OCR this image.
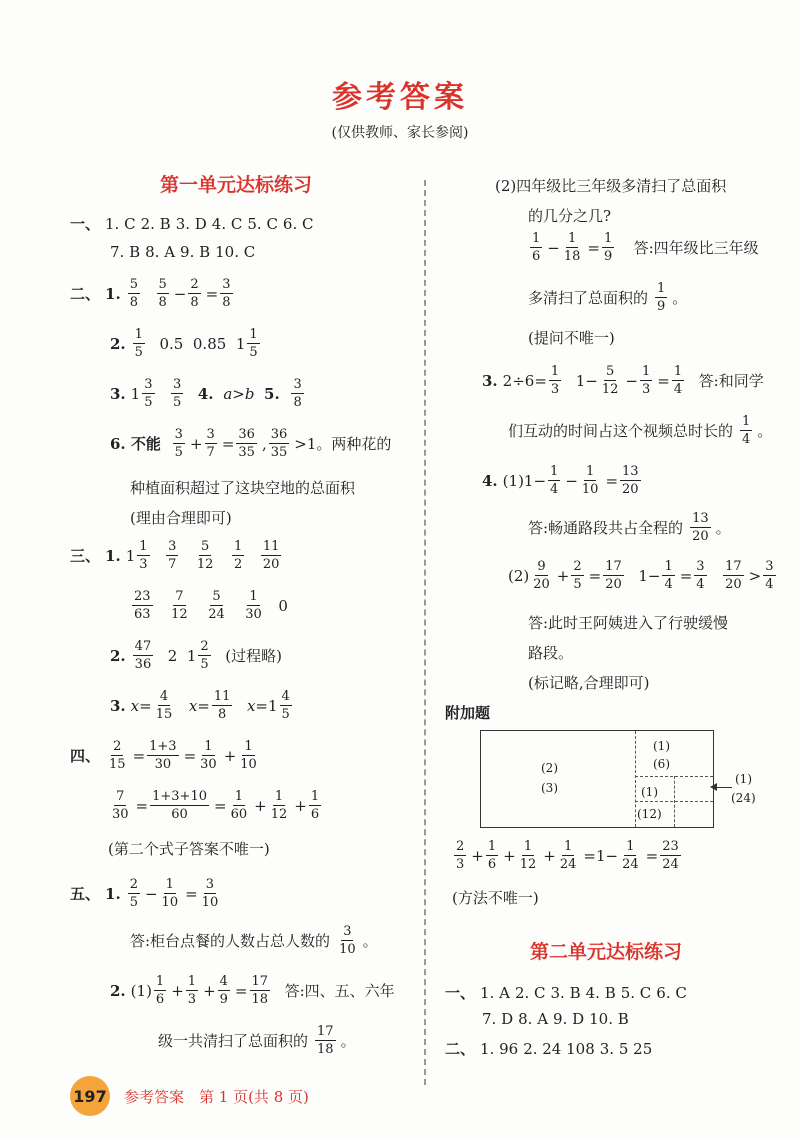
参考答案
(仅供教师、家长参阅)
第一单元达标练习
一、 1. C 2. B 3. D 4. C 5. C 6. C
7. B 8. A 9. B 10. C
二、 1. 5
8

5
8 − 2
8 = 3
8
2. 1
5 0.5  0.85  1 1
5
3. 1 3
5

3
5
4.
a > b
5.
3
8
6. 不能

3
5 + 3
7 = 36
35 , 36
35 >1 。两种花的
种植面积超过了这块空地的总面积
(理由合理即可)
三、 1. 1 1
3

3
7

5
12

1
2

11
20
23
63

7
12

5
24

1
30 0
2. 47
36 2  1 2
5
(过程略)
3. x = 4
15
x = 11
8
x =1 4
5
四、
2
15 = 1+3
30 = 1
30 + 1
10
7
30 = 1+3+10
60 = 1
60 + 1
12 + 1
6
(第二个式子答案不唯一)
五、 1. 2
5 − 1
10 = 3
10
答:柜台点餐的人数占总人数的
3
10 。
2. (1) 1
6 + 1
3 + 4
9 = 17
18
答:四、五、六年
级一共清扫了总面积的
17
18 。
(2)四年级比三年级多清扫了总面积
的几分之几?
1
6 − 1
18 = 1
9
答:四年级比三年级
多清扫了总面积的
1
9 。
(提问不唯一)
3. 2÷6= 1
3 1− 5
12 − 1
3 = 1
4
答:和同学
们互动的时间占这个视频总时长的
1
4 。
4. (1)1− 1
4 − 1
10 = 13
20
答:畅通路段共占全程的
13
20 。
(2) 9
20 + 2
5 = 17
20 1− 1
4 = 3
4

17
20 > 3
4
答:此时王阿姨进入了行驶缓慢
路段。
(标记略,合理即可)
附加题
(2)
(3)
(1)
(6)
(1)
(12)
(1)
(24)
2
3 + 1
6 + 1
12 + 1
24 =1− 1
24 = 23
24
(方法不唯一)
第二单元达标练习
一、 1. A 2. C 3. B 4. B 5. C 6. C
7. D 8. A 9. D 10. B
二、 1. 96 2. 24 108 3. 5 25
197 参考答案　第 1 页(共 8 页)
